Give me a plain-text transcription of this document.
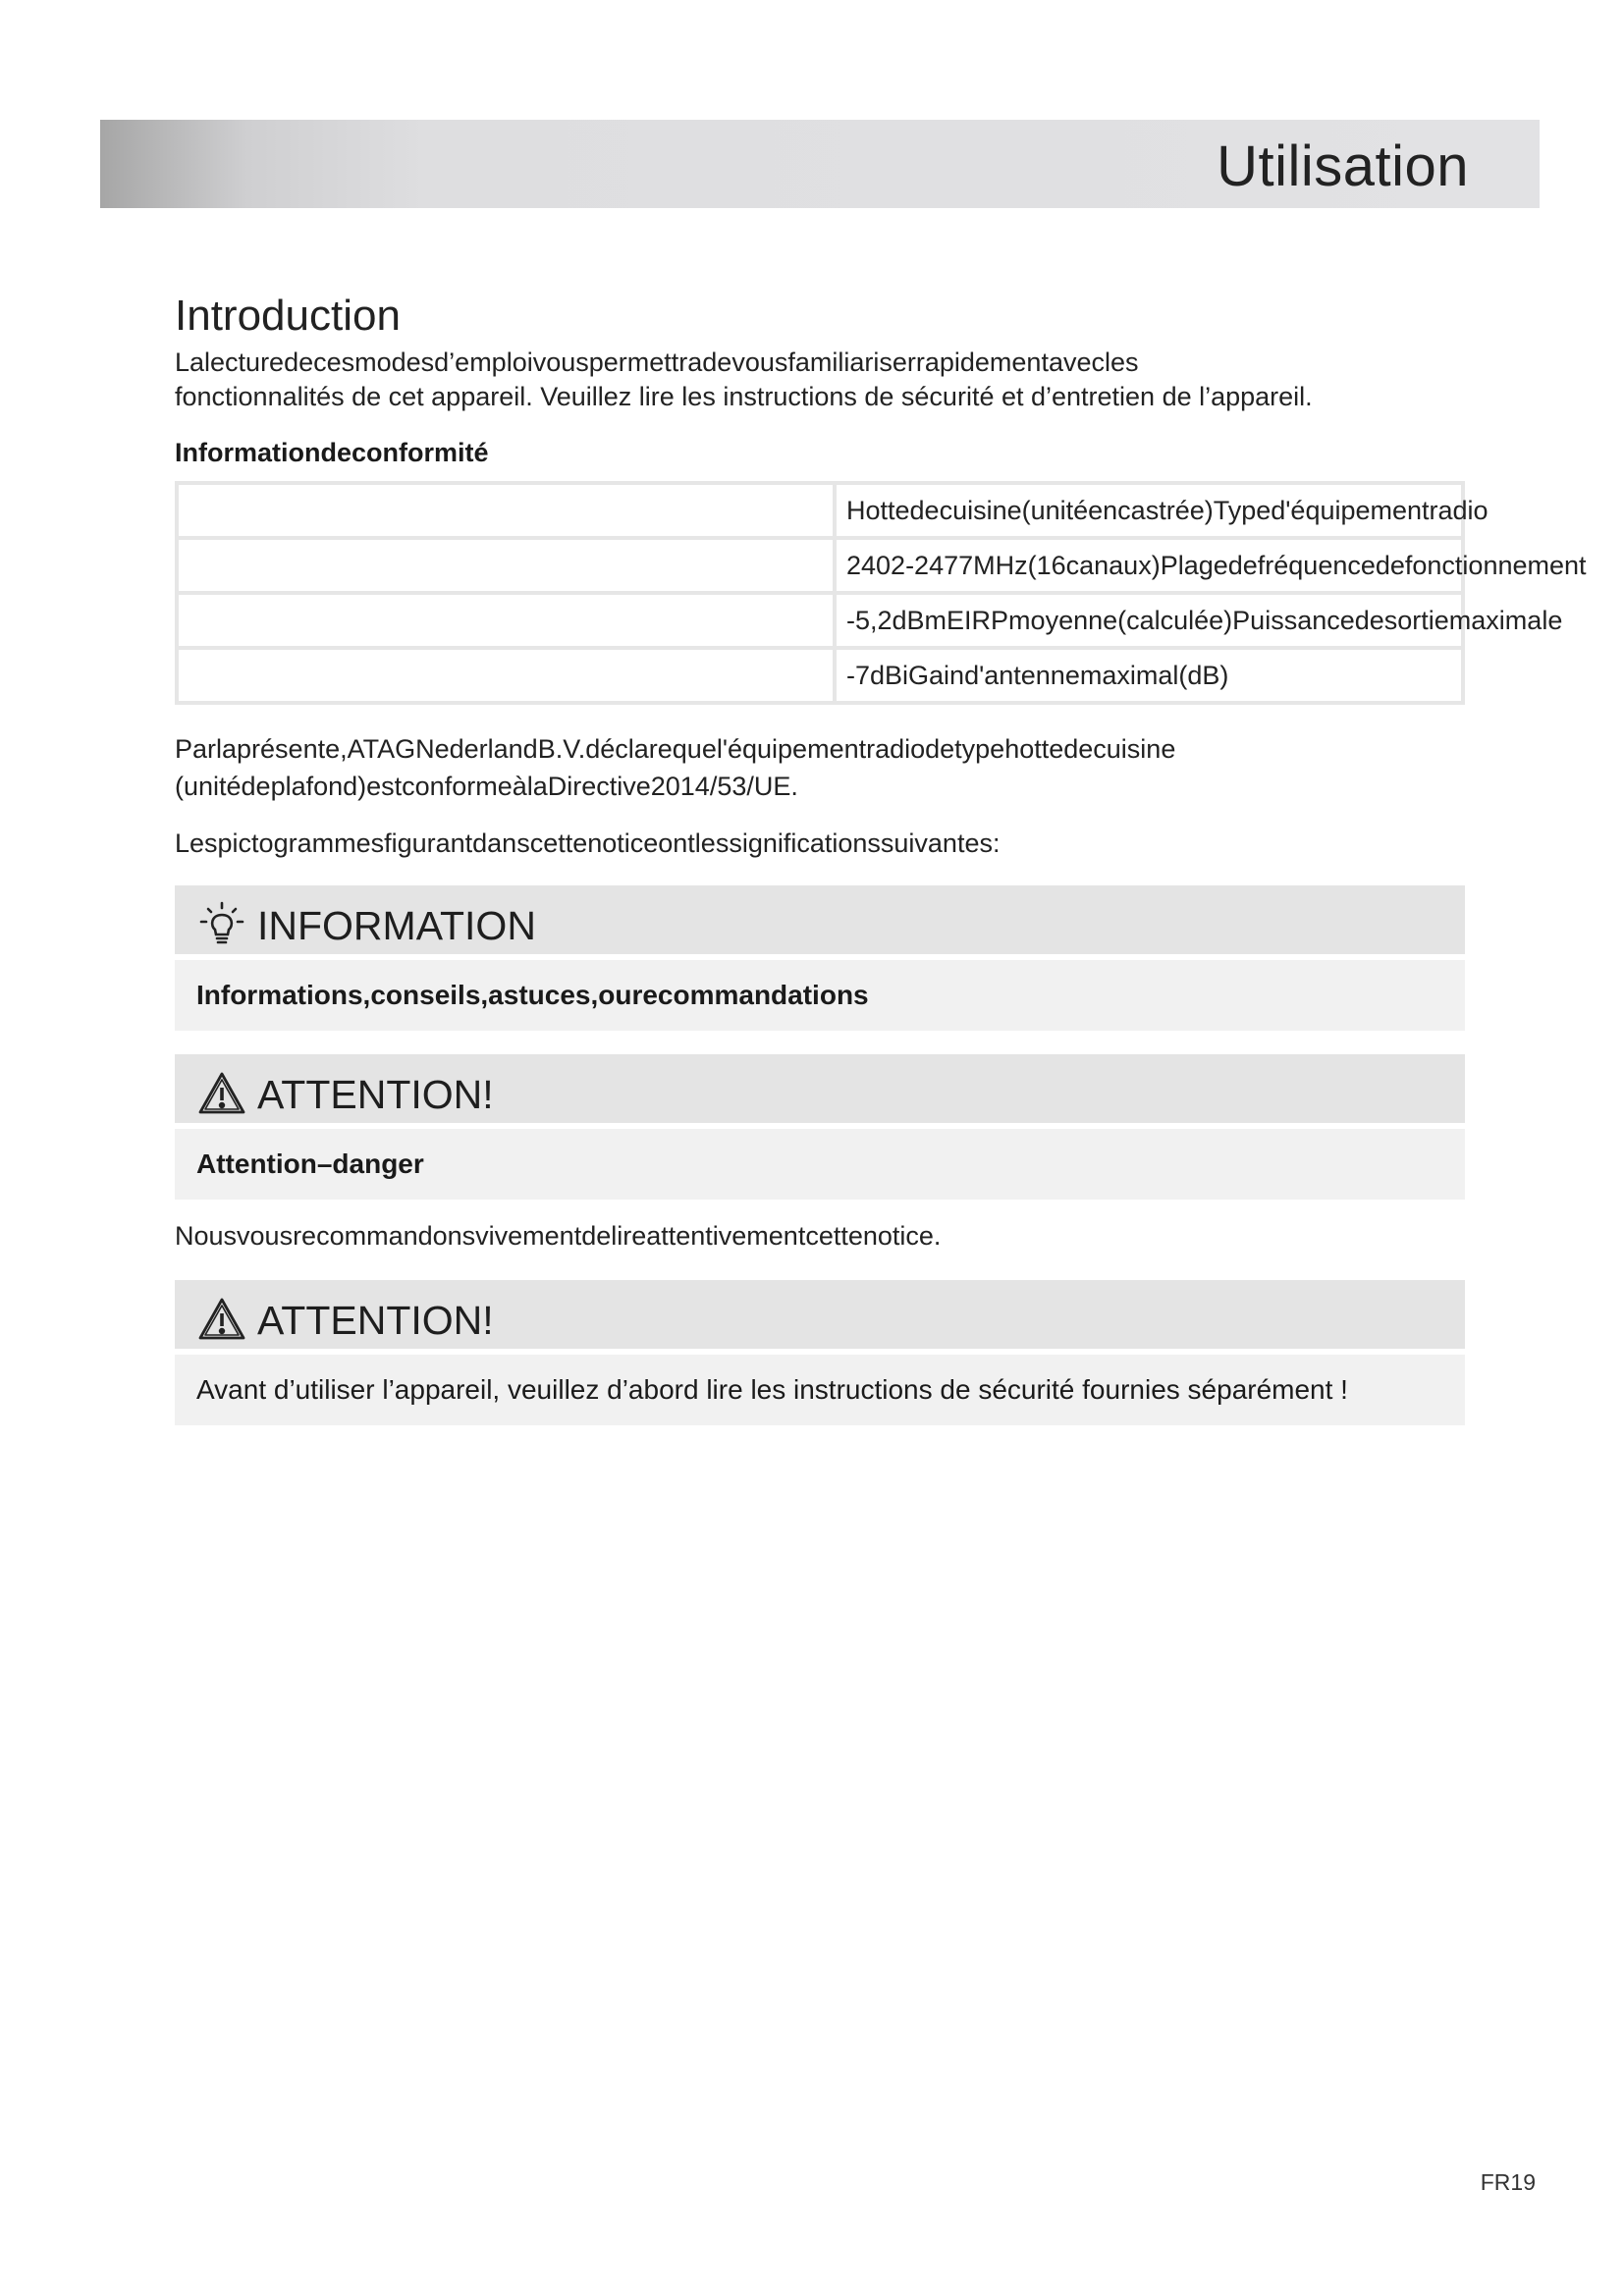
Utilisation
Introduction

Lalecturedecesmodesd’emploivouspermettradevousfamiliariserrapidementavecles

fonctionnalités de cet appareil. Veuillez lire les instructions de sécurité et d’entretien de l’appareil.

Informationdeconformité
	Hottedecuisine(unitéencastrée)Typed'équipementradio
	2402-2477MHz(16canaux)Plagedefréquencedefonctionnement
	-5,2dBmEIRPmoyenne(calculée)Puissancedesortiemaximale
	-7dBiGaind'antennemaximal(dB)

Parlaprésente,ATAGNederlandB.V.déclarequel'équipementradiodetypehottedecuisine

(unitédeplafond)estconformeàlaDirective2014/53/UE.

Lespictogrammesfigurantdanscettenoticeontlessignificationssuivantes:

INFORMATION
Informations,conseils,astuces,ourecommandations
ATTENTION!
Attention–danger

Nousvousrecommandonsvivementdelireattentivementcettenotice.

ATTENTION!
Avant d’utiliser l’appareil, veuillez d’abord lire les instructions de sécurité fournies séparément !
FR19
